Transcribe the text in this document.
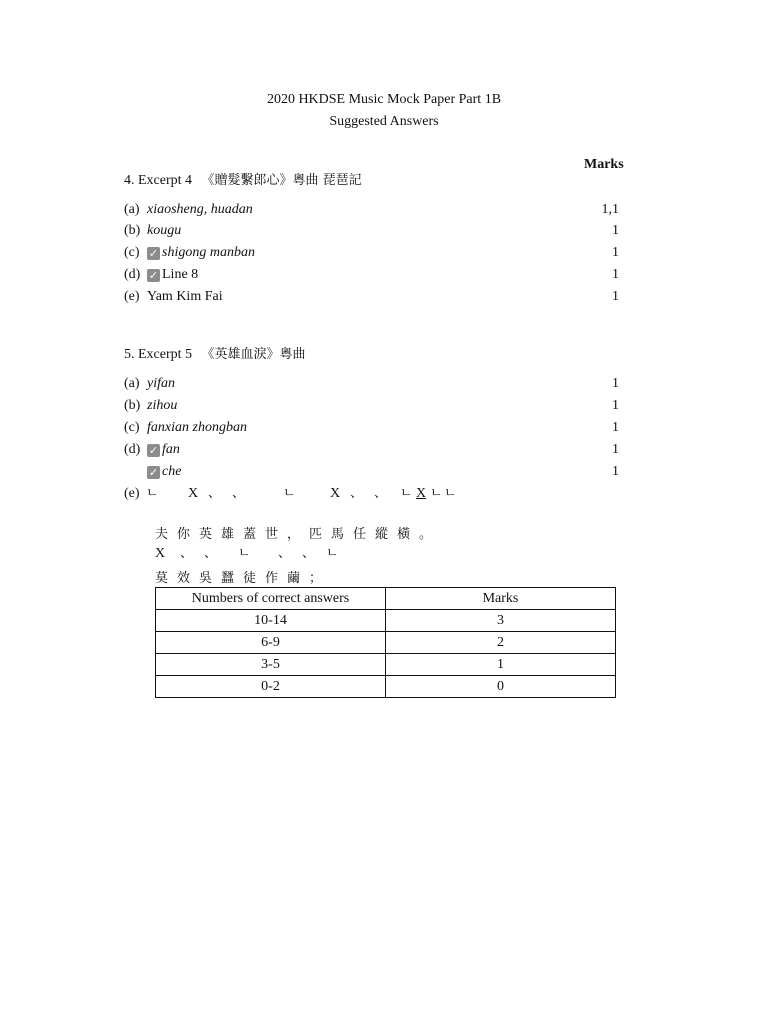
2020 HKDSE Music Mock Paper Part 1B
Suggested Answers
Marks
4. Excerpt 4 《贈髮繫郎心》粵曲 琵琶記
(a) xiaosheng, huadan	1,1
(b) kougu	1
(c) ✓ shigong manban	1
(d) ✓ Line 8	1
(e) Yam Kim Fai	1
5. Excerpt 5 《英雄血淚》粵曲
(a) yifan	1
(b) zihou	1
(c) fanxian zhongban	1
(d) ✓ fan	1
✓ che	1
(e) ㄴ X 、 、	ㄴ X 、 、 ㄴ X ㄴ ㄴ
夫你英雄蓋世，匹馬任縱橫。
X 、 、 ㄴ 、 、 ㄴ
莫效吳蠶徒作繭；
Numbers of correct answers	Marks
10-14	3
6-9	2
3-5	1
0-2	0
